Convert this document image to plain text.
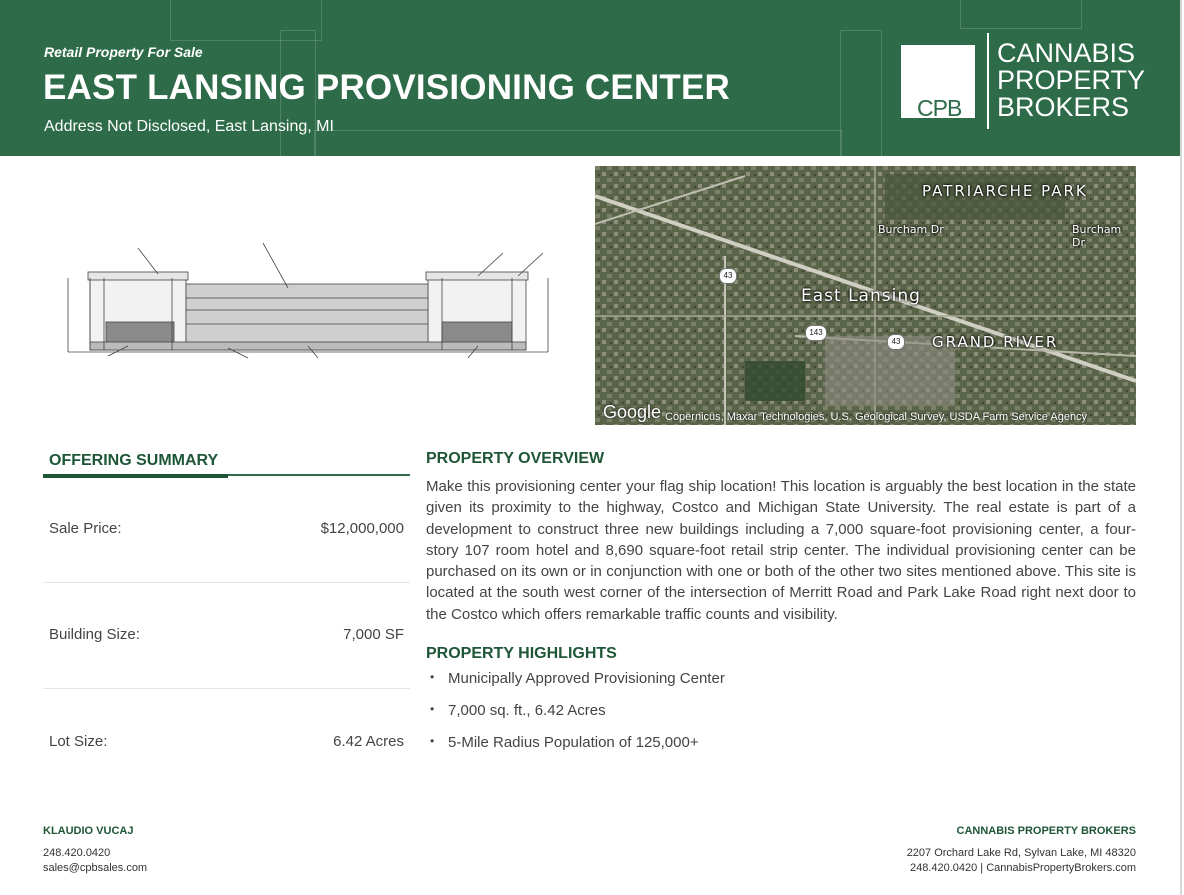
Retail Property For Sale
EAST LANSING PROVISIONING CENTER
Address Not Disclosed, East Lansing, MI
CPB
CANNABIS
PROPERTY
BROKERS
PATRIARCHE PARK
Burcham Dr	Burcham Dr
East Lansing
GRAND RIVER
43
143
43
Google Copernicus, Maxar Technologies, U.S. Geological Survey, USDA Farm Service Agency
OFFERING SUMMARY
Sale Price:	$12,000,000
Building Size:	7,000 SF
Lot Size:	6.42 Acres
PROPERTY OVERVIEW
Make this provisioning center your flag ship location! This location is arguably the best location in the state given its proximity to the highway, Costco and Michigan State University. The real estate is part of a development to construct three new buildings including a 7,000 square-foot provisioning center, a four-story 107 room hotel and 8,690 square-foot retail strip center. The individual provisioning center can be purchased on its own or in conjunction with one or both of the other two sites mentioned above. This site is located at the south west corner of the intersection of Merritt Road and Park Lake Road right next door to the Costco which offers remarkable traffic counts and visibility.
PROPERTY HIGHLIGHTS
• Municipally Approved Provisioning Center
• 7,000 sq. ft., 6.42 Acres
• 5-Mile Radius Population of 125,000+
KLAUDIO VUCAJ
248.420.0420
sales@cpbsales.com
CANNABIS PROPERTY BROKERS
2207 Orchard Lake Rd, Sylvan Lake, MI 48320
248.420.0420 | CannabisPropertyBrokers.com
